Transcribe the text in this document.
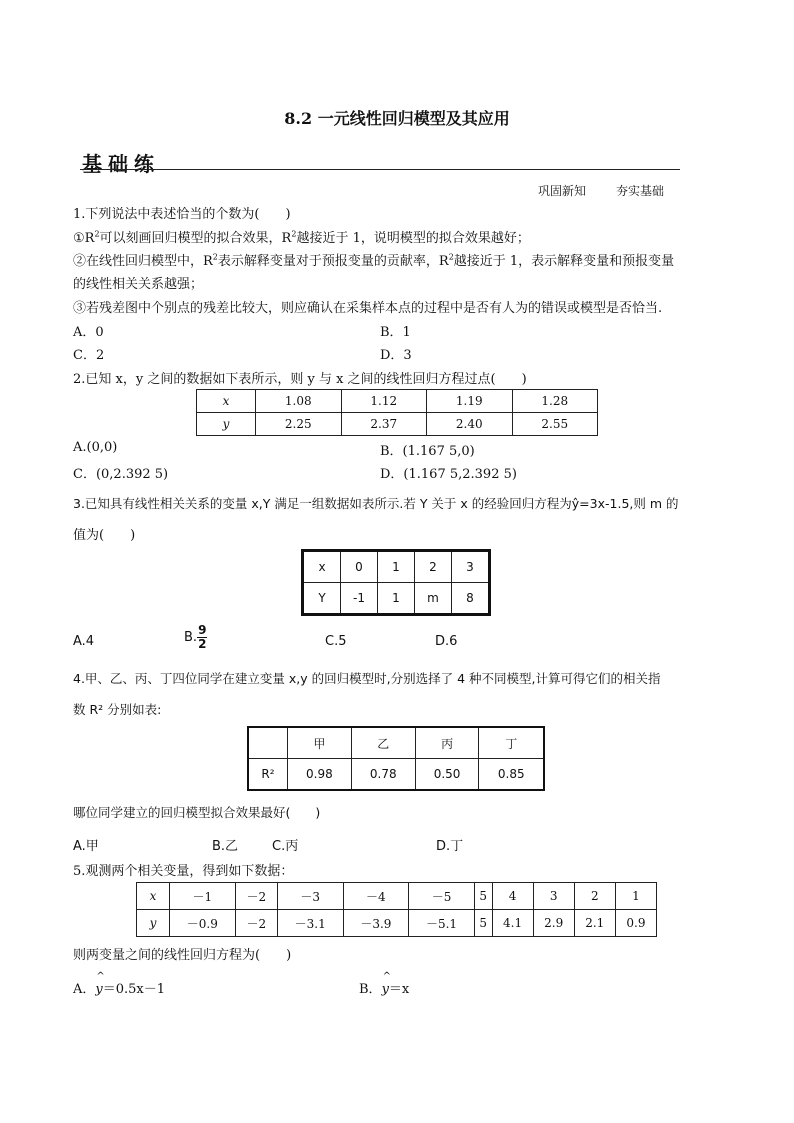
8.2 一元线性回归模型及其应用
基础练
巩固新知	夯实基础
1.下列说法中表述恰当的个数为(　　)
$①R^2$可以刻画回归模型的拟合效果，$R^2$越接近于 1，说明模型的拟合效果越好；
②在线性回归模型中，$R^2$表示解释变量对于预报变量的贡献率，$R^2$越接近于 1，表示解释变量和预报变量
的线性相关关系越强；
③若残差图中个别点的残差比较大，则应确认在采集样本点的过程中是否有人为的错误或模型是否恰当.
A．0	B．1
C．2	D．3
2.已知 x，y 之间的数据如下表所示，则 y 与 x 之间的线性回归方程过点(　　)
x	1.08	1.12	1.19	1.28
y	2.25	2.37	2.40	2.55
A.(0,0)	B．(1.167 5,0)
C．(0,2.392 5)	D．(1.167 5,2.392 5)
3.已知具有线性相关关系的变量 x,Y 满足一组数据如表所示.若 Y 关于 x 的经验回归方程为ŷ=3x-1.5,则 m 的
值为(　　)
x	0	1	2	3
Y	-1	1	m	8
A.4	B. $\frac{9}{2}$	C.5	D.6
4.甲、乙、丙、丁四位同学在建立变量 x,y 的回归模型时,分别选择了 4 种不同模型,计算可得它们的相关指
数 R² 分别如表:
	甲	乙	丙	丁
R²	0.98	0.78	0.50	0.85
哪位同学建立的回归模型拟合效果最好(　　)
A.甲	B.乙	C.丙	D.丁
5.观测两个相关变量，得到如下数据：
x	－1	－2	－3	－4	－5	5	4	3	2	1
y	－0.9	－2	－3.1	－3.9	－5.1	5	4.1	2.9	2.1	0.9
则两变量之间的线性回归方程为(　　)
A．^ y＝0.5x－1	B．^ y＝x
